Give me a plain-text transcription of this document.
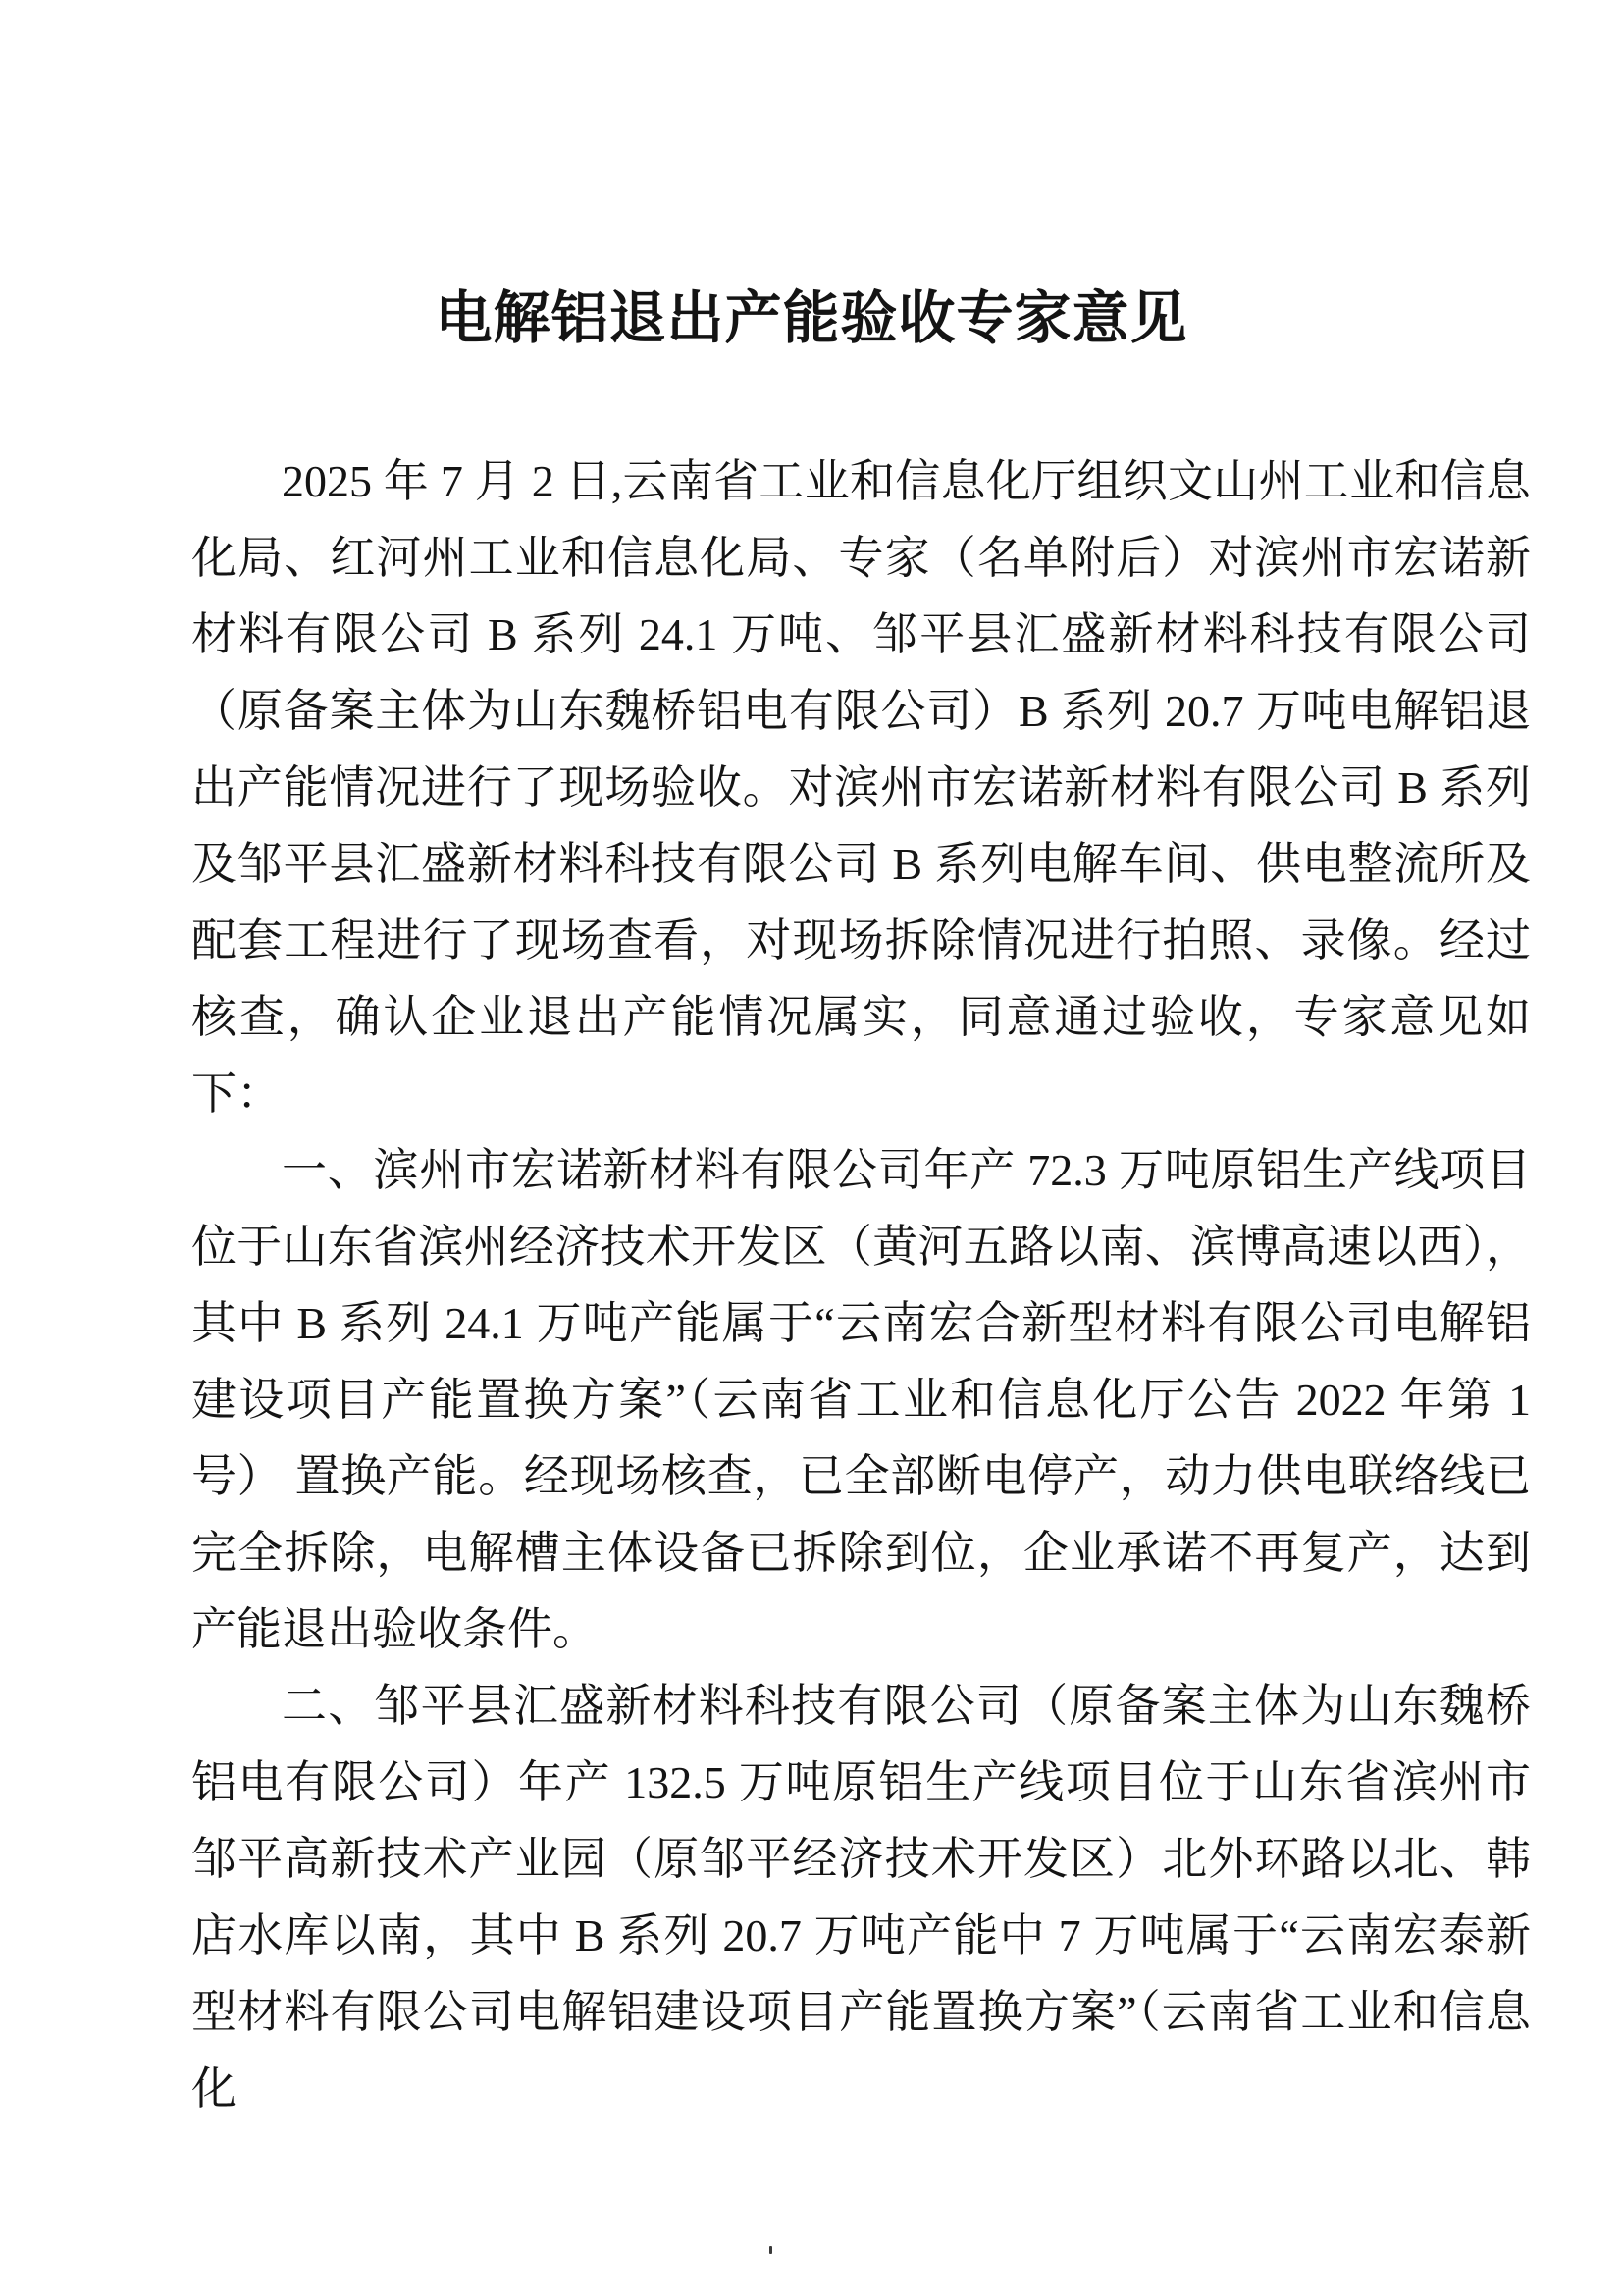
电解铝退出产能验收专家意见

2025 年 7 月 2 日,云南省工业和信息化厅组织文山州工业和信息化局、红河州工业和信息化局、专家（名单附后）对滨州市宏诺新材料有限公司 B 系列 24.1 万吨、邹平县汇盛新材料科技有限公司（原备案主体为山东魏桥铝电有限公司）B 系列 20.7 万吨电解铝退出产能情况进行了现场验收。对滨州市宏诺新材料有限公司 B 系列及邹平县汇盛新材料科技有限公司 B 系列电解车间、供电整流所及配套工程进行了现场查看，对现场拆除情况进行拍照、录像。经过核查，确认企业退出产能情况属实，同意通过验收，专家意见如下：

一、滨州市宏诺新材料有限公司年产 72.3 万吨原铝生产线项目位于山东省滨州经济技术开发区（黄河五路以南、滨博高速以西），其中 B 系列 24.1 万吨产能属于“云南宏合新型材料有限公司电解铝建设项目产能置换方案”（云南省工业和信息化厅公告 2022 年第 1 号） 置换产能。经现场核查，已全部断电停产，动力供电联络线已完全拆除，电解槽主体设备已拆除到位，企业承诺不再复产，达到产能退出验收条件。

二、邹平县汇盛新材料科技有限公司（原备案主体为山东魏桥铝电有限公司）年产 132.5 万吨原铝生产线项目位于山东省滨州市邹平高新技术产业园（原邹平经济技术开发区）北外环路以北、韩店水库以南，其中 B 系列 20.7 万吨产能中 7 万吨属于“云南宏泰新型材料有限公司电解铝建设项目产能置换方案”（云南省工业和信息化
